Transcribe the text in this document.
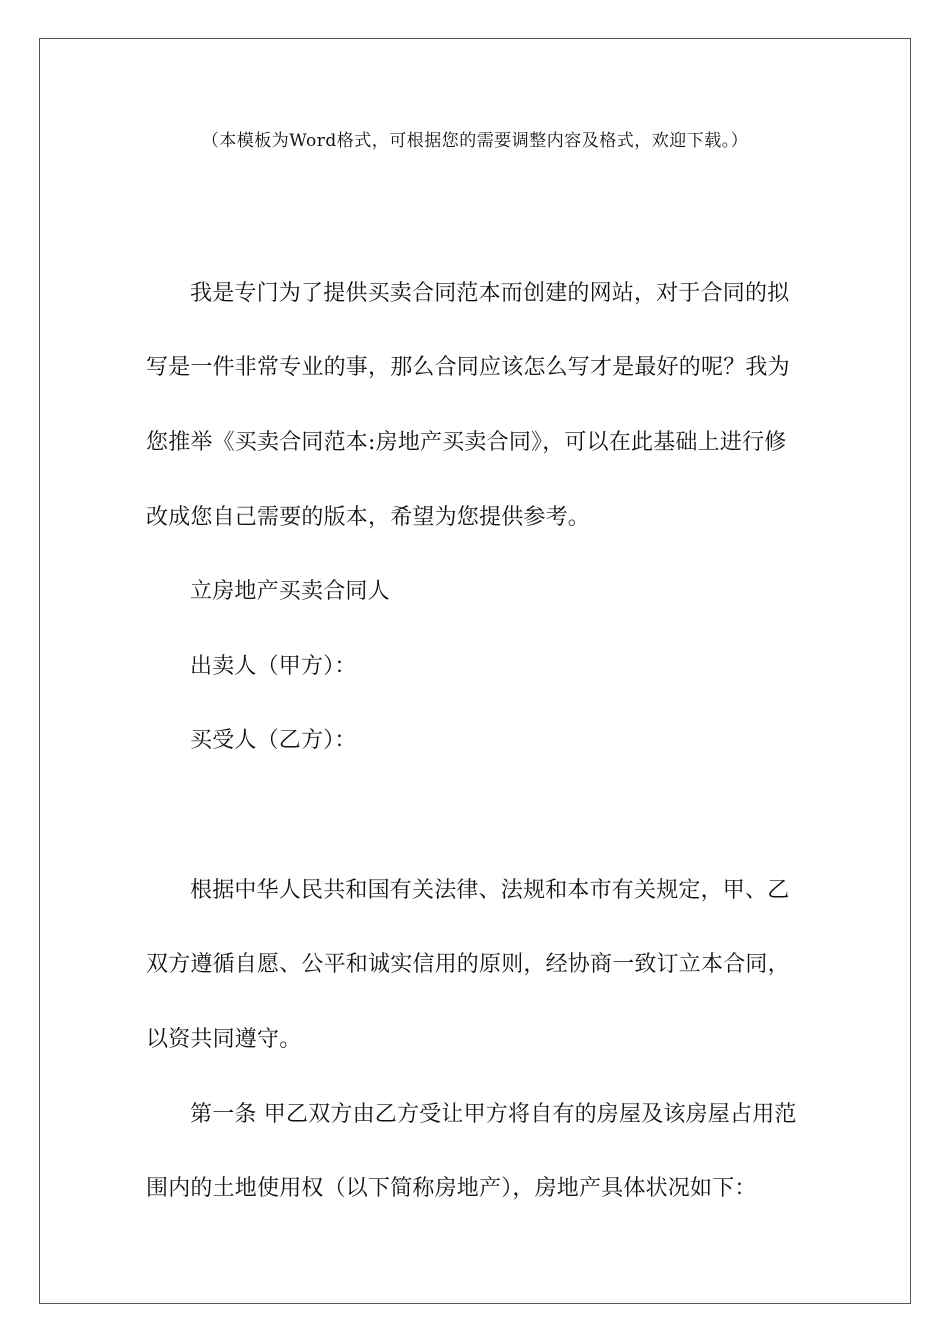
（本模板为Word格式，可根据您的需要调整内容及格式，欢迎下载。）
我是专门为了提供买卖合同范本而创建的网站，对于合同的拟
写是一件非常专业的事，那么合同应该怎么写才是最好的呢？我为
您推举《买卖合同范本:房地产买卖合同》，可以在此基础上进行修
改成您自己需要的版本，希望为您提供参考。
立房地产买卖合同人
出卖人（甲方）：
买受人（乙方）：
根据中华人民共和国有关法律、法规和本市有关规定，甲、乙
双方遵循自愿、公平和诚实信用的原则，经协商一致订立本合同，
以资共同遵守。
第一条 甲乙双方由乙方受让甲方将自有的房屋及该房屋占用范
围内的土地使用权（以下简称房地产），房地产具体状况如下：
